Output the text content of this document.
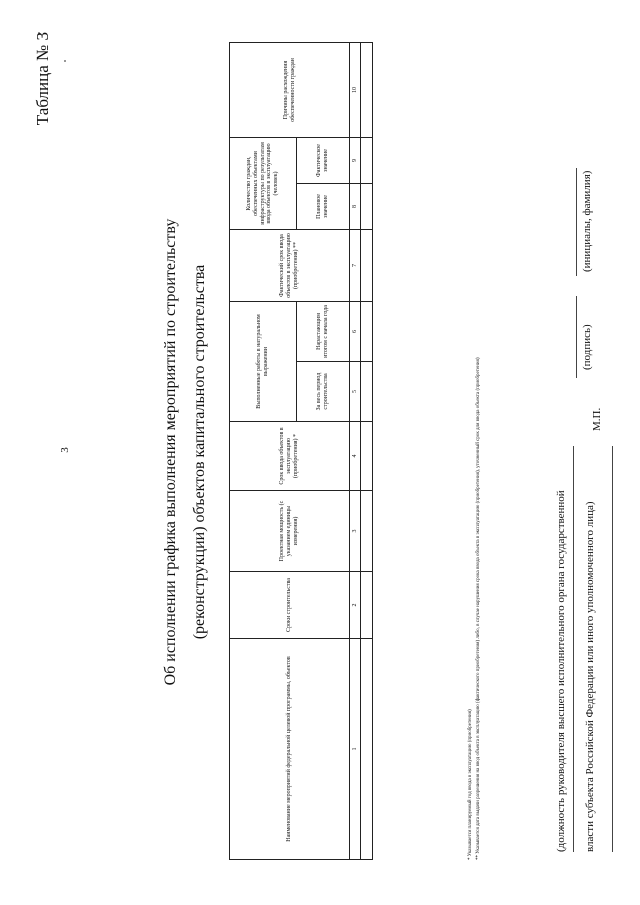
3
Таблица № 3
Об исполнении графика выполнения мероприятий по строительству (реконструкции) объектов капитального строительства
Наименование мероприятий федеральной целевой программы, объектов	Сроки строительства	Проектная мощность (с указанием единицы измерения)	Срок ввода объектов в эксплуатацию (приобретения) *	Выполненные работы в натуральном выражении		Фактический срок ввода объектов в эксплуатацию (приобретения) **	Количество граждан, обеспеченных объектами инфраструктуры по результатам ввода объектов в эксплуатацию (человек)		Причины расхождения обеспеченности граждан
				За весь период строительства	Нарастающим итогом с начала года		Плановое значение	Фактическое значение	
1	2	3	4	5	6	7	8	9	10

* Указывается планируемый год ввода в эксплуатацию (приобретения) ** Указывается дата выдачи разрешения на ввод объекта в эксплуатацию (фактического приобретения) либо, в случае нарушения срока ввода объекта в эксплуатацию (приобретения), уточненный срок для ввода объекта (приобретения)	(должность руководителя высшего исполнительного органа государственной власти субъекта Российской Федерации или иного уполномоченного лица)
М.П.
(подпись)
(инициалы, фамилия)
